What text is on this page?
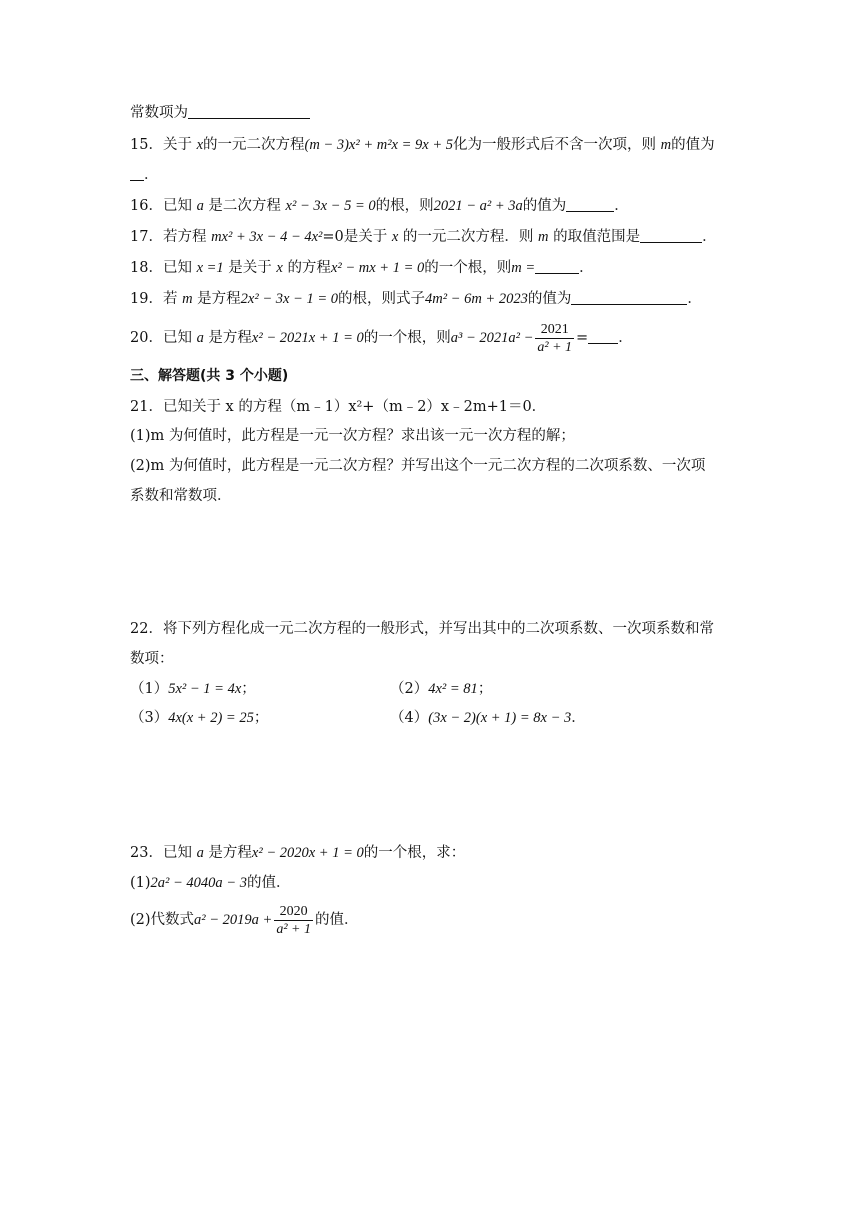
常数项为
15．关于 x的一元二次方程(m − 3)x² + m²x = 9x + 5化为一般形式后不含一次项，则 m的值为
．
16．已知 a 是二次方程 x² − 3x − 5 = 0的根，则2021 − a² + 3a的值为	．
17．若方程 mx² + 3x − 4 − 4x²=0是关于 x 的一元二次方程．则 m 的取值范围是	．
18．已知 x =1 是关于 x 的方程x² − mx + 1 = 0的一个根，则m =	．
19．若 m 是方程2x² − 3x − 1 = 0的根，则式子4m² − 6m + 2023的值为	．
20．已知 a 是方程x² − 2021x + 1 = 0的一个根，则$a^3 - 2021a^2 - \frac{2021}{\text{a² + 1}}$ = ．
三、解答题(共 3 个小题)
21．已知关于 x 的方程（m﹣1）x²+（m﹣2）x﹣2m+1＝0．
(1)m 为何值时，此方程是一元一次方程？求出该一元一次方程的解；
(2)m 为何值时，此方程是一元二次方程？并写出这个一元二次方程的二次项系数、一次项
系数和常数项．
22．将下列方程化成一元二次方程的一般形式，并写出其中的二次项系数、一次项系数和常
数项：
（1）5x² − 1 = 4x；	（2）4x² = 81；
（3）4x(x + 2) = 25；	（4）(3x − 2)(x + 1) = 8x − 3．
23．已知 a 是方程x² − 2020x + 1 = 0的一个根，求：
(1)2a² − 4040a − 3的值．
(2)代数式$a^2 - 2019a + \frac{2020}{\text{a² + 1}}$ 的值．
